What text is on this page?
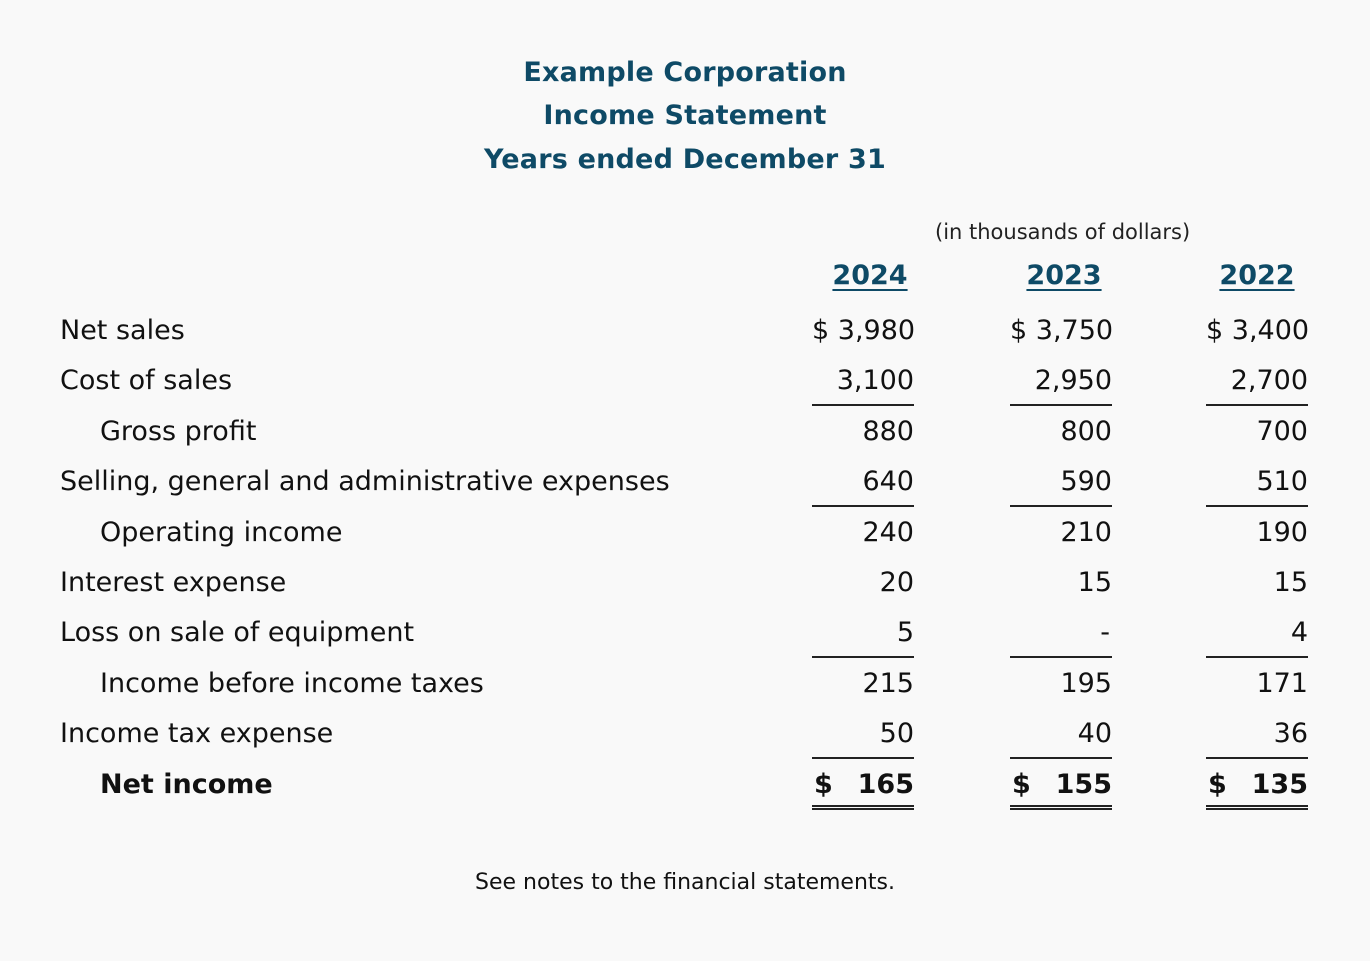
Example Corporation
Income Statement
Years ended December 31
(in thousands of dollars)
2024	2023	2022
Net sales	$ 3,980	$ 3,750	$ 3,400
Cost of sales	3,100	2,950	2,700
Gross profit	880	800	700
Selling, general and administrative expenses	640	590	510
Operating income	240	210	190
Interest expense	20	15	15
Loss on sale of equipment	5	-	4
Income before income taxes	215	195	171
Income tax expense	50	40	36
Net income	$ 165	$ 155	$ 135
See notes to the financial statements.
